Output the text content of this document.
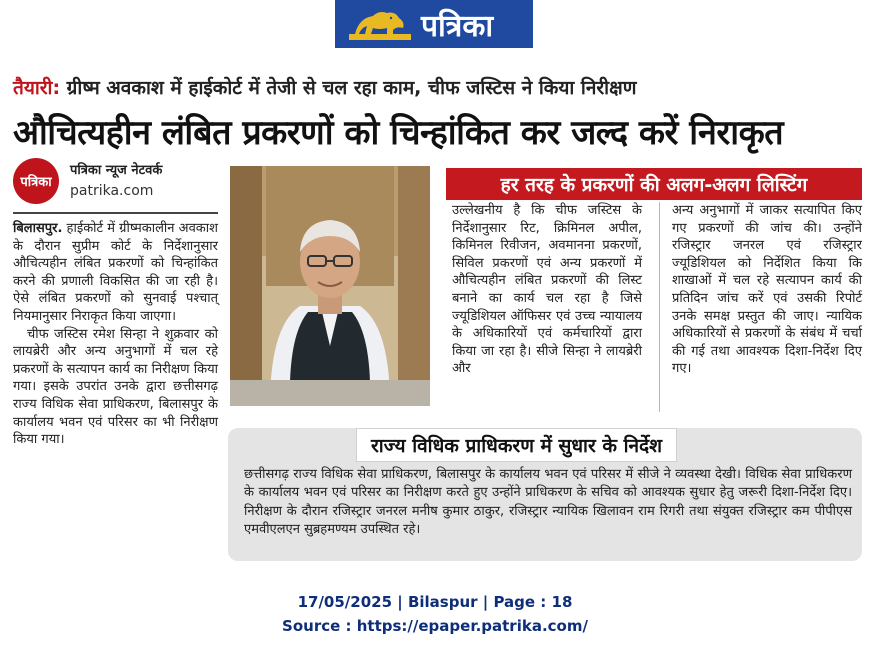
पत्रिका
तैयारी: ग्रीष्म अवकाश में हाईकोर्ट में तेजी से चल रहा काम, चीफ जस्टिस ने किया निरीक्षण
औचित्यहीन लंबित प्रकरणों को चिन्हांकित कर जल्द करें निराकृत
पत्रिका
पत्रिका न्यूज नेटवर्क
patrika.com

बिलासपुर. हाईकोर्ट में ग्रीष्मकालीन अवकाश के दौरान सुप्रीम कोर्ट के निर्देशानुसार औचित्यहीन लंबित प्रकरणों को चिन्हांकित करने की प्रणाली विकसित की जा रही है। ऐसे लंबित प्रकरणों को सुनवाई पश्चात् नियमानुसार निराकृत किया जाएगा।

चीफ जस्टिस रमेश सिन्हा ने शुक्रवार को लायब्रेरी और अन्य अनुभागों में चल रहे प्रकरणों के सत्यापन कार्य का निरीक्षण किया गया। इसके उपरांत उनके द्वारा छत्तीसगढ़ राज्य विधिक सेवा प्राधिकरण, बिलासपुर के कार्यालय भवन एवं परिसर का भी निरीक्षण किया गया।

हर तरह के प्रकरणों की अलग-अलग लिस्टिंग
उल्लेखनीय है कि चीफ जस्टिस के निर्देशानुसार रिट, क्रिमिनल अपील, किमिनल रिवीजन, अवमानना प्रकरणों, सिविल प्रकरणों एवं अन्य प्रकरणों में औचित्यहीन लंबित प्रकरणों की लिस्ट बनाने का कार्य चल रहा है जिसे ज्यूडिशियल ऑफिसर एवं उच्च न्यायालय के अधिकारियों एवं कर्मचारियों द्वारा किया जा रहा है। सीजे सिन्हा ने लायब्रेरी और
अन्य अनुभागों में जाकर सत्यापित किए गए प्रकरणों की जांच की। उन्होंने रजिस्ट्रार जनरल एवं रजिस्ट्रार ज्यूडिशियल को निर्देशित किया कि शाखाओं में चल रहे सत्यापन कार्य की प्रतिदिन जांच करें एवं उसकी रिपोर्ट उनके समक्ष प्रस्तुत की जाए। न्यायिक अधिकारियों से प्रकरणों के संबंध में चर्चा की गई तथा आवश्यक दिशा-निर्देश दिए गए।
राज्य विधिक प्राधिकरण में सुधार के निर्देश
छत्तीसगढ़ राज्य विधिक सेवा प्राधिकरण, बिलासपुर के कार्यालय भवन एवं परिसर में सीजे ने व्यवस्था देखी। विधिक सेवा प्राधिकरण के कार्यालय भवन एवं परिसर का निरीक्षण करते हुए उन्होंने प्राधिकरण के सचिव को आवश्यक सुधार हेतु जरूरी दिशा-निर्देश दिए। निरीक्षण के दौरान रजिस्ट्रार जनरल मनीष कुमार ठाकुर, रजिस्ट्रार न्यायिक खिलावन राम रिगरी तथा संयुक्त रजिस्ट्रार कम पीपीएस एमवीएलएन सुब्रहमण्यम उपस्थित रहे।
17/05/2025 | Bilaspur | Page : 18
Source : https://epaper.patrika.com/
